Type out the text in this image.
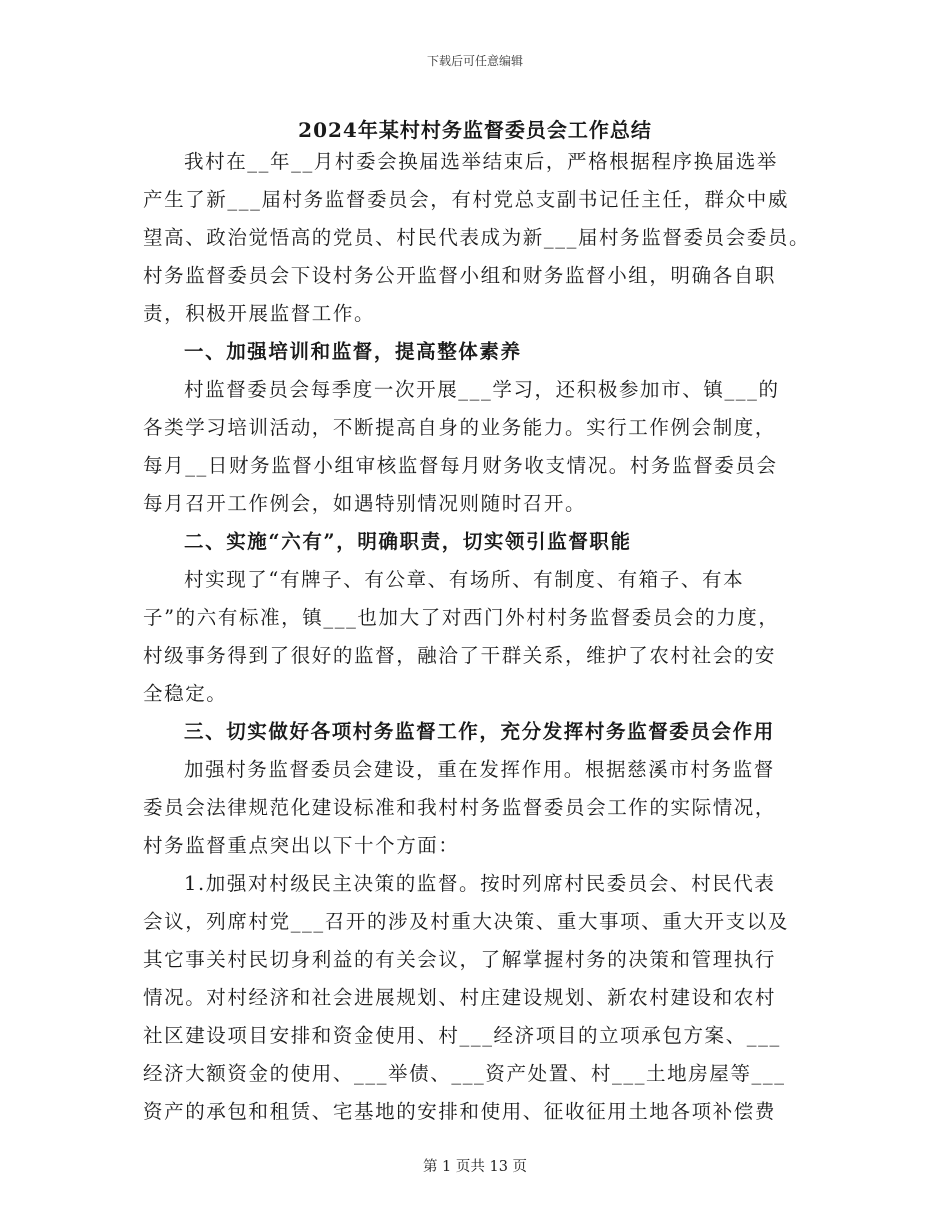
下载后可任意编辑
2024年某村村务监督委员会工作总结
我村在__年__月村委会换届选举结束后，严格根据程序换届选举
产生了新___届村务监督委员会，有村党总支副书记任主任，群众中威
望高、政治觉悟高的党员、村民代表成为新___届村务监督委员会委员。
村务监督委员会下设村务公开监督小组和财务监督小组，明确各自职
责，积极开展监督工作。
一、加强培训和监督，提高整体素养
村监督委员会每季度一次开展___学习，还积极参加市、镇___的
各类学习培训活动，不断提高自身的业务能力。实行工作例会制度，
每月__日财务监督小组审核监督每月财务收支情况。村务监督委员会
每月召开工作例会，如遇特别情况则随时召开。
二、实施“六有”，明确职责，切实领引监督职能
村实现了“有牌子、有公章、有场所、有制度、有箱子、有本
子”的六有标准，镇___也加大了对西门外村村务监督委员会的力度，
村级事务得到了很好的监督，融洽了干群关系，维护了农村社会的安
全稳定。
三、切实做好各项村务监督工作，充分发挥村务监督委员会作用
加强村务监督委员会建设，重在发挥作用。根据慈溪市村务监督
委员会法律规范化建设标准和我村村务监督委员会工作的实际情况，
村务监督重点突出以下十个方面：
1.加强对村级民主决策的监督。按时列席村民委员会、村民代表
会议，列席村党___召开的涉及村重大决策、重大事项、重大开支以及
其它事关村民切身利益的有关会议，了解掌握村务的决策和管理执行
情况。对村经济和社会进展规划、村庄建设规划、新农村建设和农村
社区建设项目安排和资金使用、村___经济项目的立项承包方案、___
经济大额资金的使用、___举债、___资产处置、村___土地房屋等___
资产的承包和租赁、宅基地的安排和使用、征收征用土地各项补偿费
第 1 页共 13 页
